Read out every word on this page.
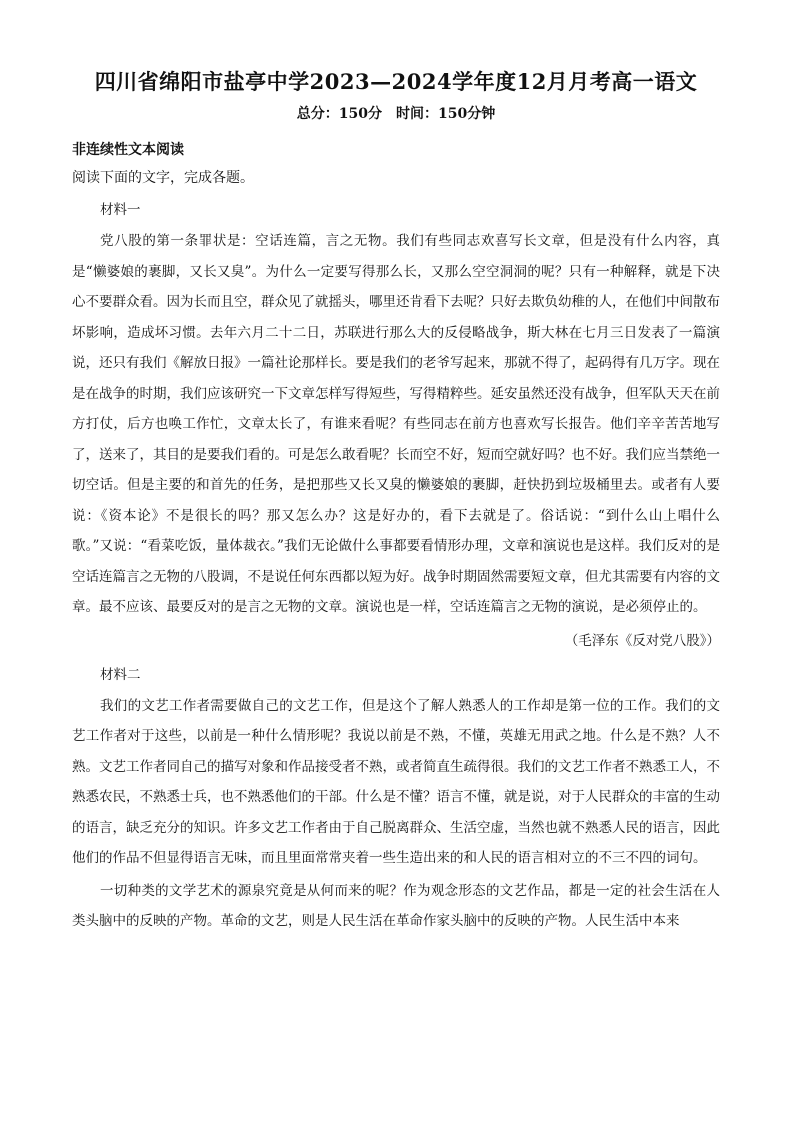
四川省绵阳市盐亭中学2023—2024学年度12月月考高一语文

总分：150分　时间：150分钟

非连续性文本阅读

阅读下面的文字，完成各题。

材料一

党八股的第一条罪状是：空话连篇，言之无物。我们有些同志欢喜写长文章，但是没有什么内容，真是“懒婆娘的裹脚，又长又臭”。为什么一定要写得那么长，又那么空空洞洞的呢？只有一种解释，就是下决心不要群众看。因为长而且空，群众见了就摇头，哪里还肯看下去呢？只好去欺负幼稚的人，在他们中间散布坏影响，造成坏习惯。去年六月二十二日，苏联进行那么大的反侵略战争，斯大林在七月三日发表了一篇演说，还只有我们《解放日报》一篇社论那样长。要是我们的老爷写起来，那就不得了，起码得有几万字。现在是在战争的时期，我们应该研究一下文章怎样写得短些，写得精粹些。延安虽然还没有战争，但军队天天在前方打仗，后方也唤工作忙，文章太长了，有谁来看呢？有些同志在前方也喜欢写长报告。他们辛辛苦苦地写了，送来了，其目的是要我们看的。可是怎么敢看呢？长而空不好，短而空就好吗？也不好。我们应当禁绝一切空话。但是主要的和首先的任务，是把那些又长又臭的懒婆娘的裹脚，赶快扔到垃圾桶里去。或者有人要说：《资本论》不是很长的吗？那又怎么办？这是好办的，看下去就是了。俗话说：“到什么山上唱什么歌。”又说：“看菜吃饭，量体裁衣。”我们无论做什么事都要看情形办理，文章和演说也是这样。我们反对的是空话连篇言之无物的八股调，不是说任何东西都以短为好。战争时期固然需要短文章，但尤其需要有内容的文章。最不应该、最要反对的是言之无物的文章。演说也是一样，空话连篇言之无物的演说，是必须停止的。

（毛泽东《反对党八股》）

材料二

我们的文艺工作者需要做自己的文艺工作，但是这个了解人熟悉人的工作却是第一位的工作。我们的文艺工作者对于这些，以前是一种什么情形呢？我说以前是不熟，不懂，英雄无用武之地。什么是不熟？人不熟。文艺工作者同自己的描写对象和作品接受者不熟，或者简直生疏得很。我们的文艺工作者不熟悉工人，不熟悉农民，不熟悉士兵，也不熟悉他们的干部。什么是不懂？语言不懂，就是说，对于人民群众的丰富的生动的语言，缺乏充分的知识。许多文艺工作者由于自己脱离群众、生活空虚，当然也就不熟悉人民的语言，因此他们的作品不但显得语言无味，而且里面常常夹着一些生造出来的和人民的语言相对立的不三不四的词句。

一切种类的文学艺术的源泉究竟是从何而来的呢？作为观念形态的文艺作品，都是一定的社会生活在人类头脑中的反映的产物。革命的文艺，则是人民生活在革命作家头脑中的反映的产物。人民生活中本来
